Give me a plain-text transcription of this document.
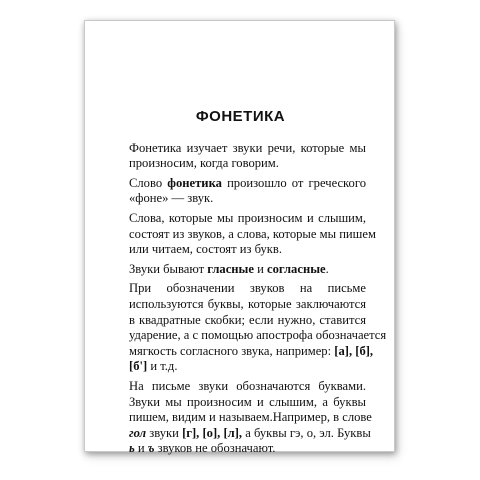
ФОНЕТИКА
Фонетика изучает звуки речи, которые мы
произносим, когда говорим.
Слово фонетика произошло от греческого
«фоне» — звук.
Слова, которые мы произносим и слышим,
состоят из звуков, а слова, которые мы пишем
или читаем, состоят из букв.
Звуки бывают гласные и согласные.
При обозначении звуков на письме
используются буквы, которые заключаются
в квадратные скобки; если нужно, ставится
ударение, а с помощью апострофа обозначается
мягкость согласного звука, например: [а], [б],
[б'] и т.д.
На письме звуки обозначаются буквами.
Звуки мы произносим и слышим, а буквы
пишем, видим и называем.Например, в слове
гол звуки [г], [о], [л], а буквы гэ, о, эл. Буквы
ь и ъ звуков не обозначают.
